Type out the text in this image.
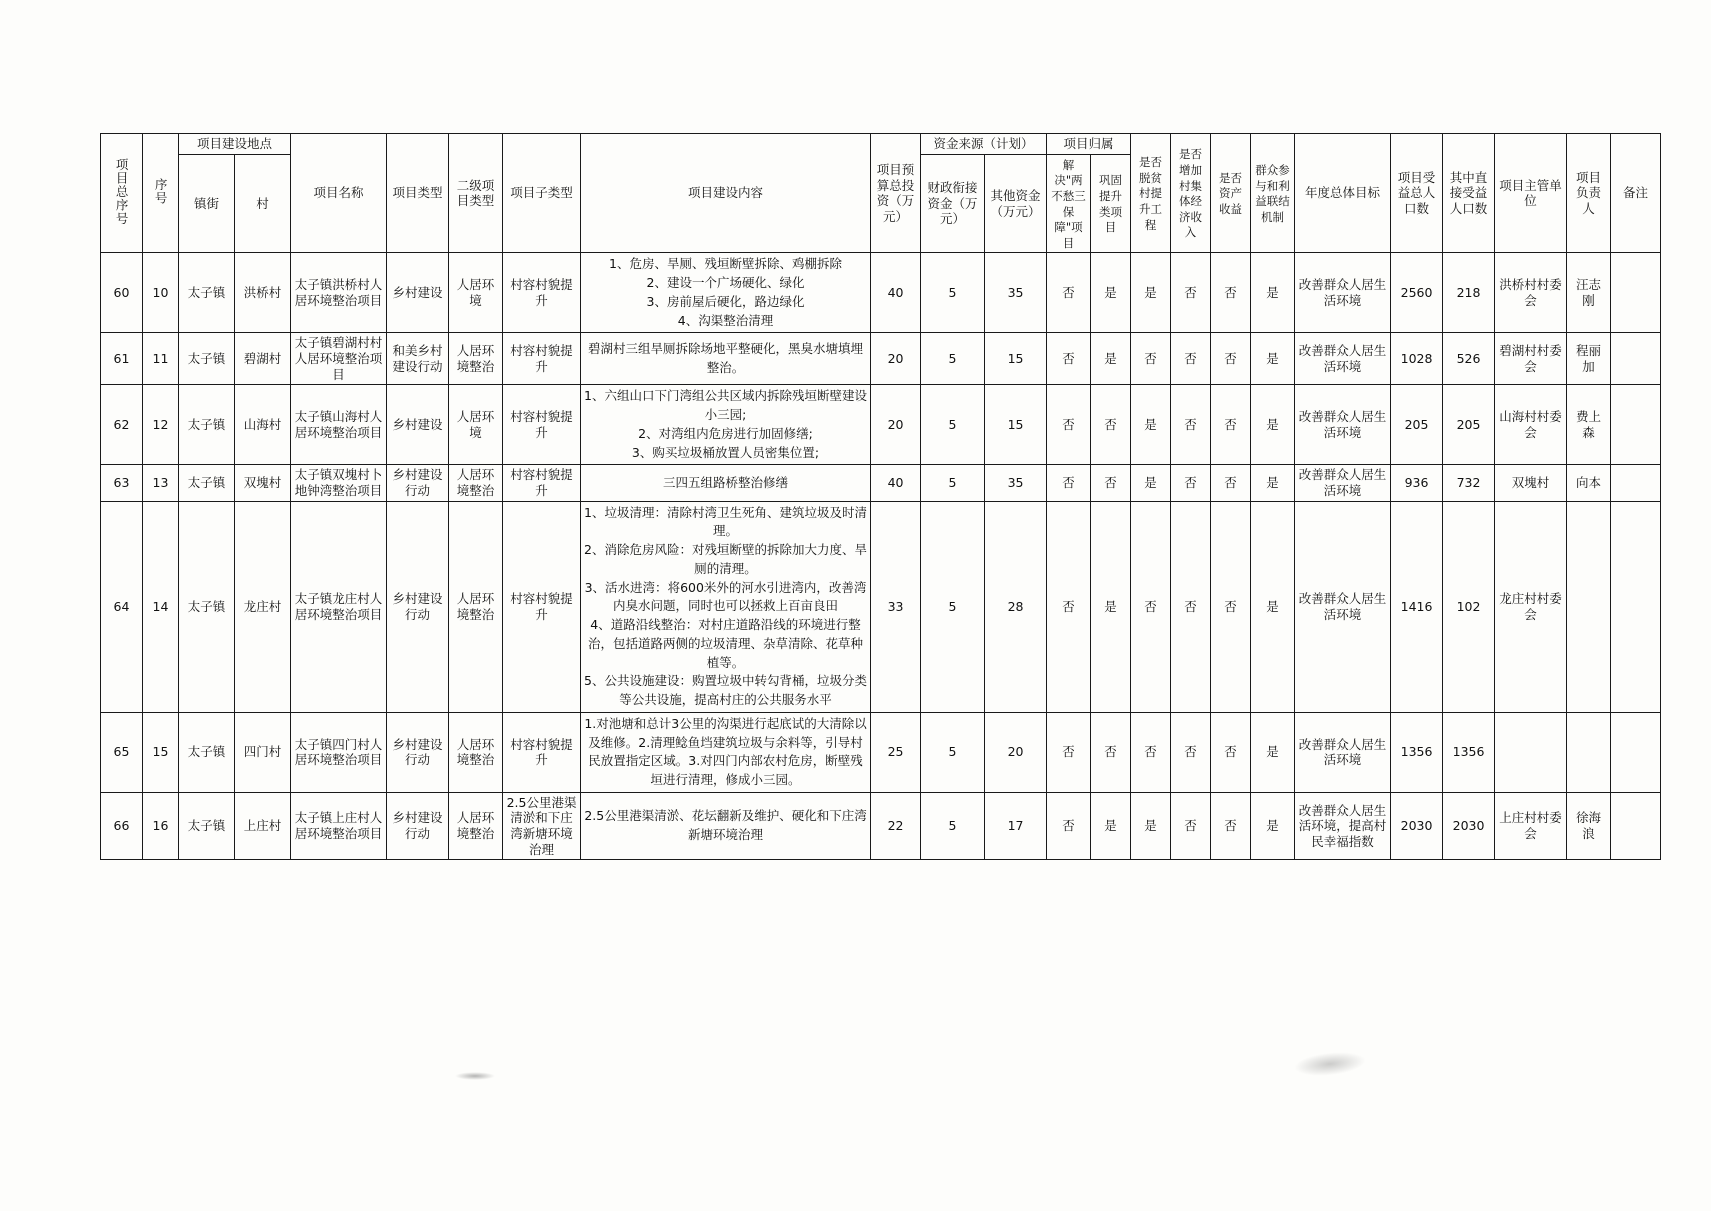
项目总序号	序号	项目建设地点		项目名称	项目类型	二级项目类型	项目子类型	项目建设内容	项目预算总投资（万元）	资金来源（计划）		项目归属		是否脱贫村提升工程	是否增加村集体经济收入	是否资产收益	群众参与和利益联结机制	年度总体目标	项目受益总人口数	其中直接受益人口数	项目主管单位	项目负责人	备注
		镇街	村							财政衔接资金（万元）	其他资金（万元）	解决"两不愁三保障"项目	巩固提升类项目										
60	10	太子镇	洪桥村	太子镇洪桥村人居环境整治项目	乡村建设	人居环境	村容村貌提升	1、危房、旱厕、残垣断壁拆除、鸡棚拆除
2、建设一个广场硬化、绿化
3、房前屋后硬化，路边绿化
4、沟渠整治清理	40	5	35	否	是	是	否	否	是	改善群众人居生活环境	2560	218	洪桥村村委会	汪志刚	
61	11	太子镇	碧湖村	太子镇碧湖村村人居环境整治项目	和美乡村建设行动	人居环境整治	村容村貌提升	碧湖村三组旱厕拆除场地平整硬化，黑臭水塘填埋整治。	20	5	15	否	是	否	否	否	是	改善群众人居生活环境	1028	526	碧湖村村委会	程丽加	
62	12	太子镇	山海村	太子镇山海村人居环境整治项目	乡村建设	人居环境	村容村貌提升	1、六组山口下门湾组公共区域内拆除残垣断壁建设小三园;
2、对湾组内危房进行加固修缮;
3、购买垃圾桶放置人员密集位置;	20	5	15	否	否	是	否	否	是	改善群众人居生活环境	205	205	山海村村委会	费上森	
63	13	太子镇	双塊村	太子镇双塊村卜地钟湾整治项目	乡村建设行动	人居环境整治	村容村貌提升	三四五组路桥整治修缮	40	5	35	否	否	是	否	否	是	改善群众人居生活环境	936	732	双塊村	向本	
64	14	太子镇	龙庄村	太子镇龙庄村人居环境整治项目	乡村建设行动	人居环境整治	村容村貌提升	1、垃圾清理：清除村湾卫生死角、建筑垃圾及时清理。
2、消除危房风险：对残垣断壁的拆除加大力度、旱厕的清理。
3、活水进湾：将600米外的河水引进湾内，改善湾内臭水问题，同时也可以拯救上百亩良田
4、道路沿线整治：对村庄道路沿线的环境进行整治，包括道路两侧的垃圾清理、杂草清除、花草种植等。
5、公共设施建设：购置垃圾中转勾背桶，垃圾分类等公共设施，提高村庄的公共服务水平	33	5	28	否	是	否	否	否	是	改善群众人居生活环境	1416	102	龙庄村村委会		
65	15	太子镇	四门村	太子镇四门村人居环境整治项目	乡村建设行动	人居环境整治	村容村貌提升	1.对池塘和总计3公里的沟渠进行起底试的大清除以及维修。2.清理鲶鱼垱建筑垃圾与余料等，引导村民放置指定区域。3.对四门内部农村危房，断壁残垣进行清理，修成小三园。	25	5	20	否	否	否	否	否	是	改善群众人居生活环境	1356	1356			
66	16	太子镇	上庄村	太子镇上庄村人居环境整治项目	乡村建设行动	人居环境整治	2.5公里港渠清淤和下庄湾新塘环境治理	2.5公里港渠清淤、花坛翻新及维护、硬化和下庄湾新塘环境治理	22	5	17	否	是	是	否	否	是	改善群众人居生活环境，提高村民幸福指数	2030	2030	上庄村村委会	徐海浪	
